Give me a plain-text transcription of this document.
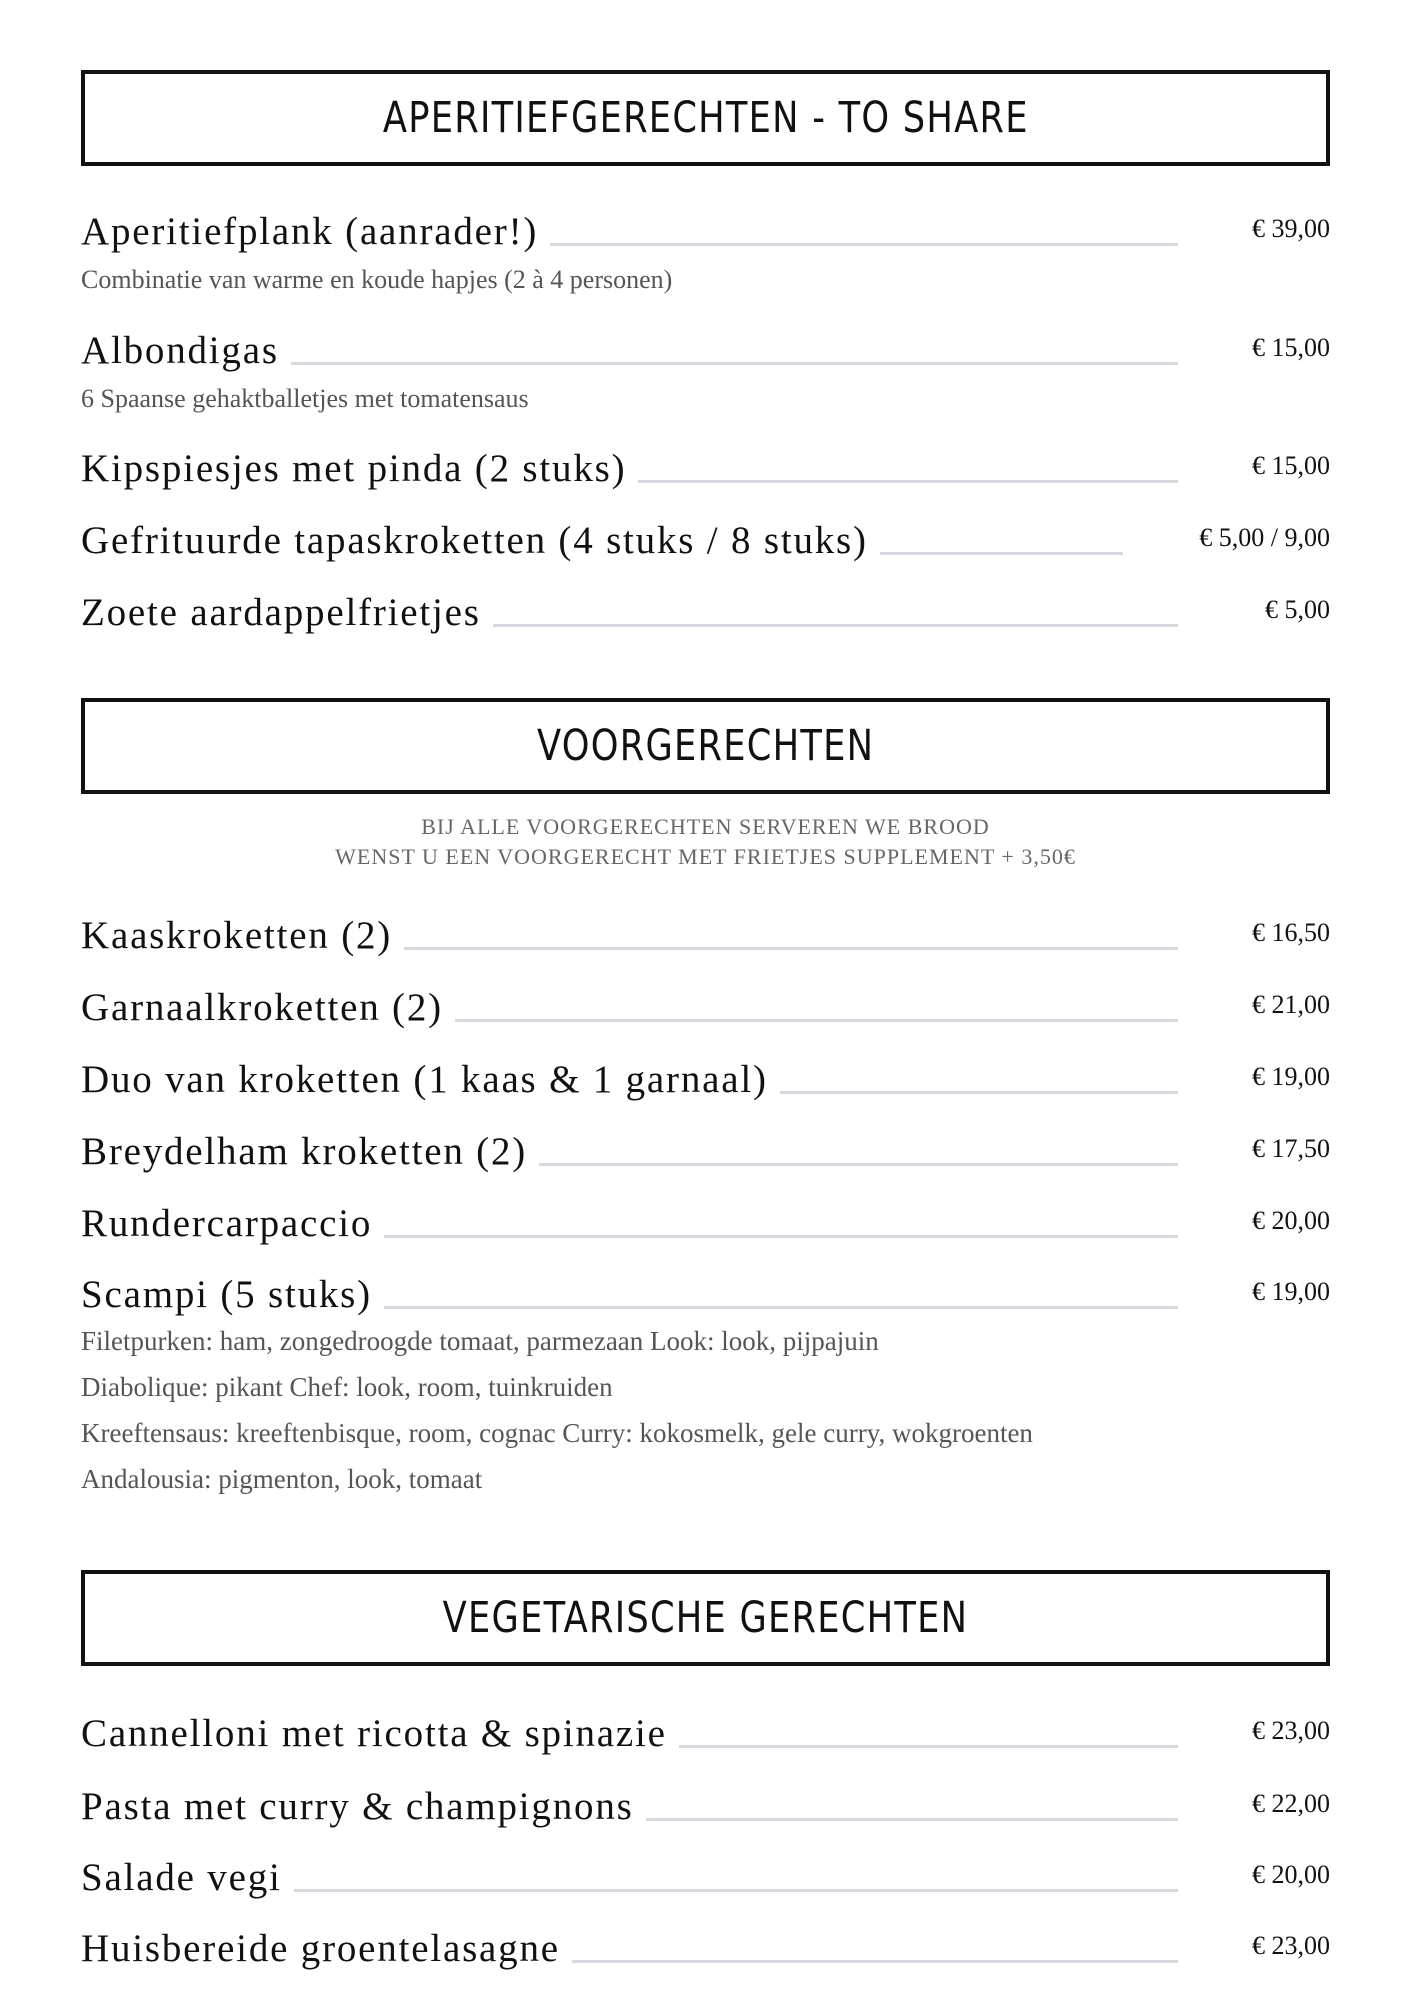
APERITIEFGERECHTEN - TO SHARE
Aperitiefplank (aanrader!)	€ 39,00
Combinatie van warme en koude hapjes (2 à 4 personen)
Albondigas	€ 15,00
6 Spaanse gehaktballetjes met tomatensaus
Kipspiesjes met pinda (2 stuks)	€ 15,00
Gefrituurde tapaskroketten (4 stuks / 8 stuks)	€ 5,00 / 9,00
Zoete aardappelfrietjes	€ 5,00
VOORGERECHTEN
BIJ ALLE VOORGERECHTEN SERVEREN WE BROOD
WENST U EEN VOORGERECHT MET FRIETJES SUPPLEMENT + 3,50€
Kaaskroketten (2)	€ 16,50
Garnaalkroketten (2)	€ 21,00
Duo van kroketten (1 kaas & 1 garnaal)	€ 19,00
Breydelham kroketten (2)	€ 17,50
Rundercarpaccio	€ 20,00
Scampi (5 stuks)	€ 19,00
Filetpurken: ham, zongedroogde tomaat, parmezaan Look: look, pijpajuin
Diabolique: pikant Chef: look, room, tuinkruiden
Kreeftensaus: kreeftenbisque, room, cognac Curry: kokosmelk, gele curry, wokgroenten
Andalousia: pigmenton, look, tomaat
VEGETARISCHE GERECHTEN
Cannelloni met ricotta & spinazie	€ 23,00
Pasta met curry & champignons	€ 22,00
Salade vegi	€ 20,00
Huisbereide groentelasagne	€ 23,00
